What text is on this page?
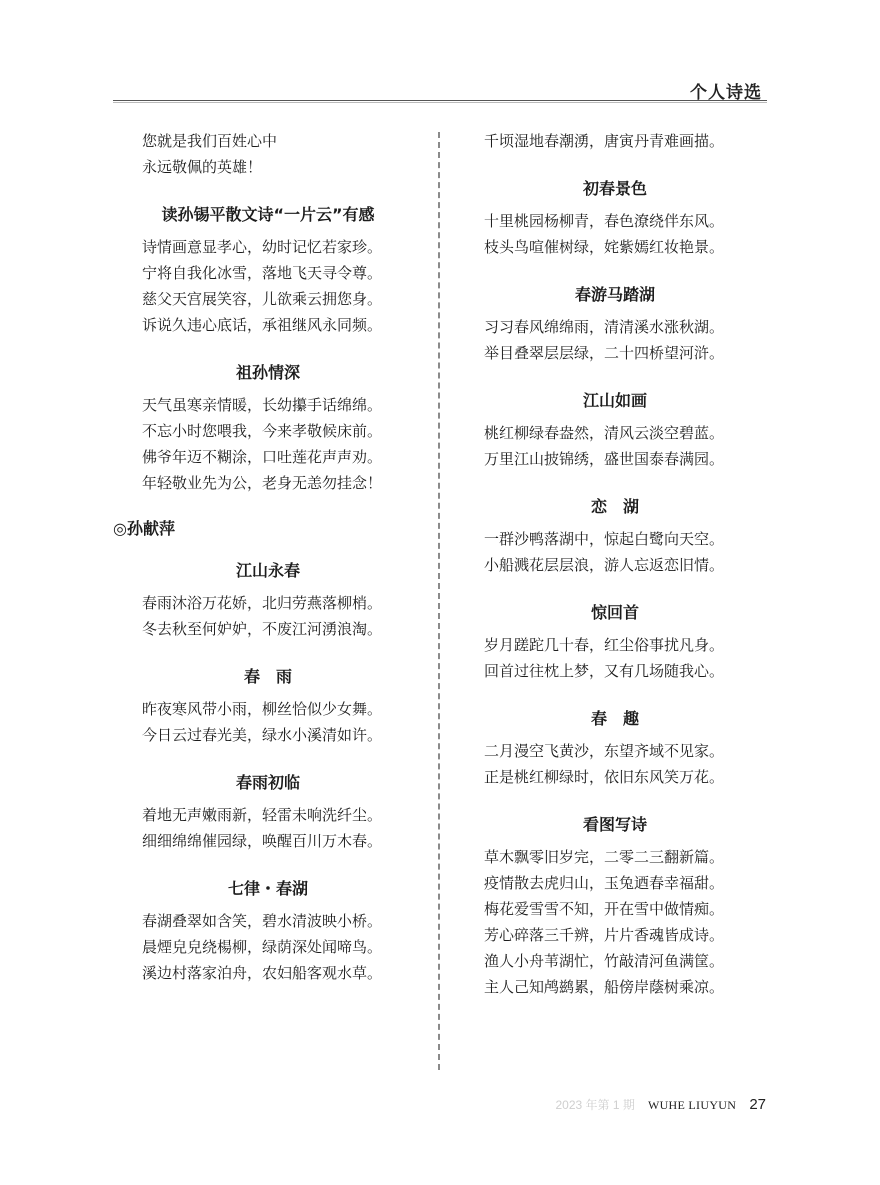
个人诗选
您就是我们百姓心中
永远敬佩的英雄！
读孙锡平散文诗“一片云”有感
诗情画意显孝心，幼时记忆若家珍。
宁将自我化冰雪，落地飞天寻令尊。
慈父天宫展笑容，儿欲乘云拥您身。
诉说久违心底话，承祖继风永同频。
祖孙情深
天气虽寒亲情暖，长幼攥手话绵绵。
不忘小时您喂我，今来孝敬候床前。
佛爷年迈不糊涂，口吐莲花声声劝。
年轻敬业先为公，老身无恙勿挂念！
◎孙献萍
江山永春
春雨沐浴万花娇，北归劳燕落柳梢。
冬去秋至何妒妒，不废江河湧浪淘。
春　雨
昨夜寒风带小雨，柳丝恰似少女舞。
今日云过春光美，绿水小溪清如许。
春雨初临
着地无声嫩雨新，轻雷未响洗纤尘。
细细绵绵催园绿，唤醒百川万木春。
七律・春湖
春湖叠翠如含笑，碧水清波映小桥。
晨煙皃皃绕楊柳，绿荫深处闻啼鸟。
溪边村落家泊舟，农妇船客观水草。
千顷湿地春潮湧，唐寅丹青难画描。
初春景色
十里桃园杨柳青，春色潦绕伴东风。
枝头鸟喧催树绿，姹紫嫣红妆艳景。
春游马踏湖
习习春风绵绵雨，清清溪水涨秋湖。
举目叠翠层层绿，二十四桥望河浒。
江山如画
桃红柳绿春盎然，清风云淡空碧蓝。
万里江山披锦绣，盛世国泰春满园。
恋　湖
一群沙鸭落湖中，惊起白鹭向天空。
小船溅花层层浪，游人忘返恋旧情。
惊回首
岁月蹉跎几十春，红尘俗事扰凡身。
回首过往枕上梦，又有几场随我心。
春　趣
二月漫空飞黄沙，东望齐域不见家。
正是桃红柳绿时，依旧东风笑万花。
看图写诗
草木飘零旧岁完，二零二三翻新篇。
疫情散去虎归山，玉兔迺春幸福甜。
梅花爱雪雪不知，开在雪中做情痴。
芳心碎落三千辨，片片香魂皆成诗。
渔人小舟苇湖忙，竹敲清河鱼满筐。
主人己知鸬鹚累，船傍岸蔭树乘凉。
2023 年第 1 期 WUHE LIUYUN 27
